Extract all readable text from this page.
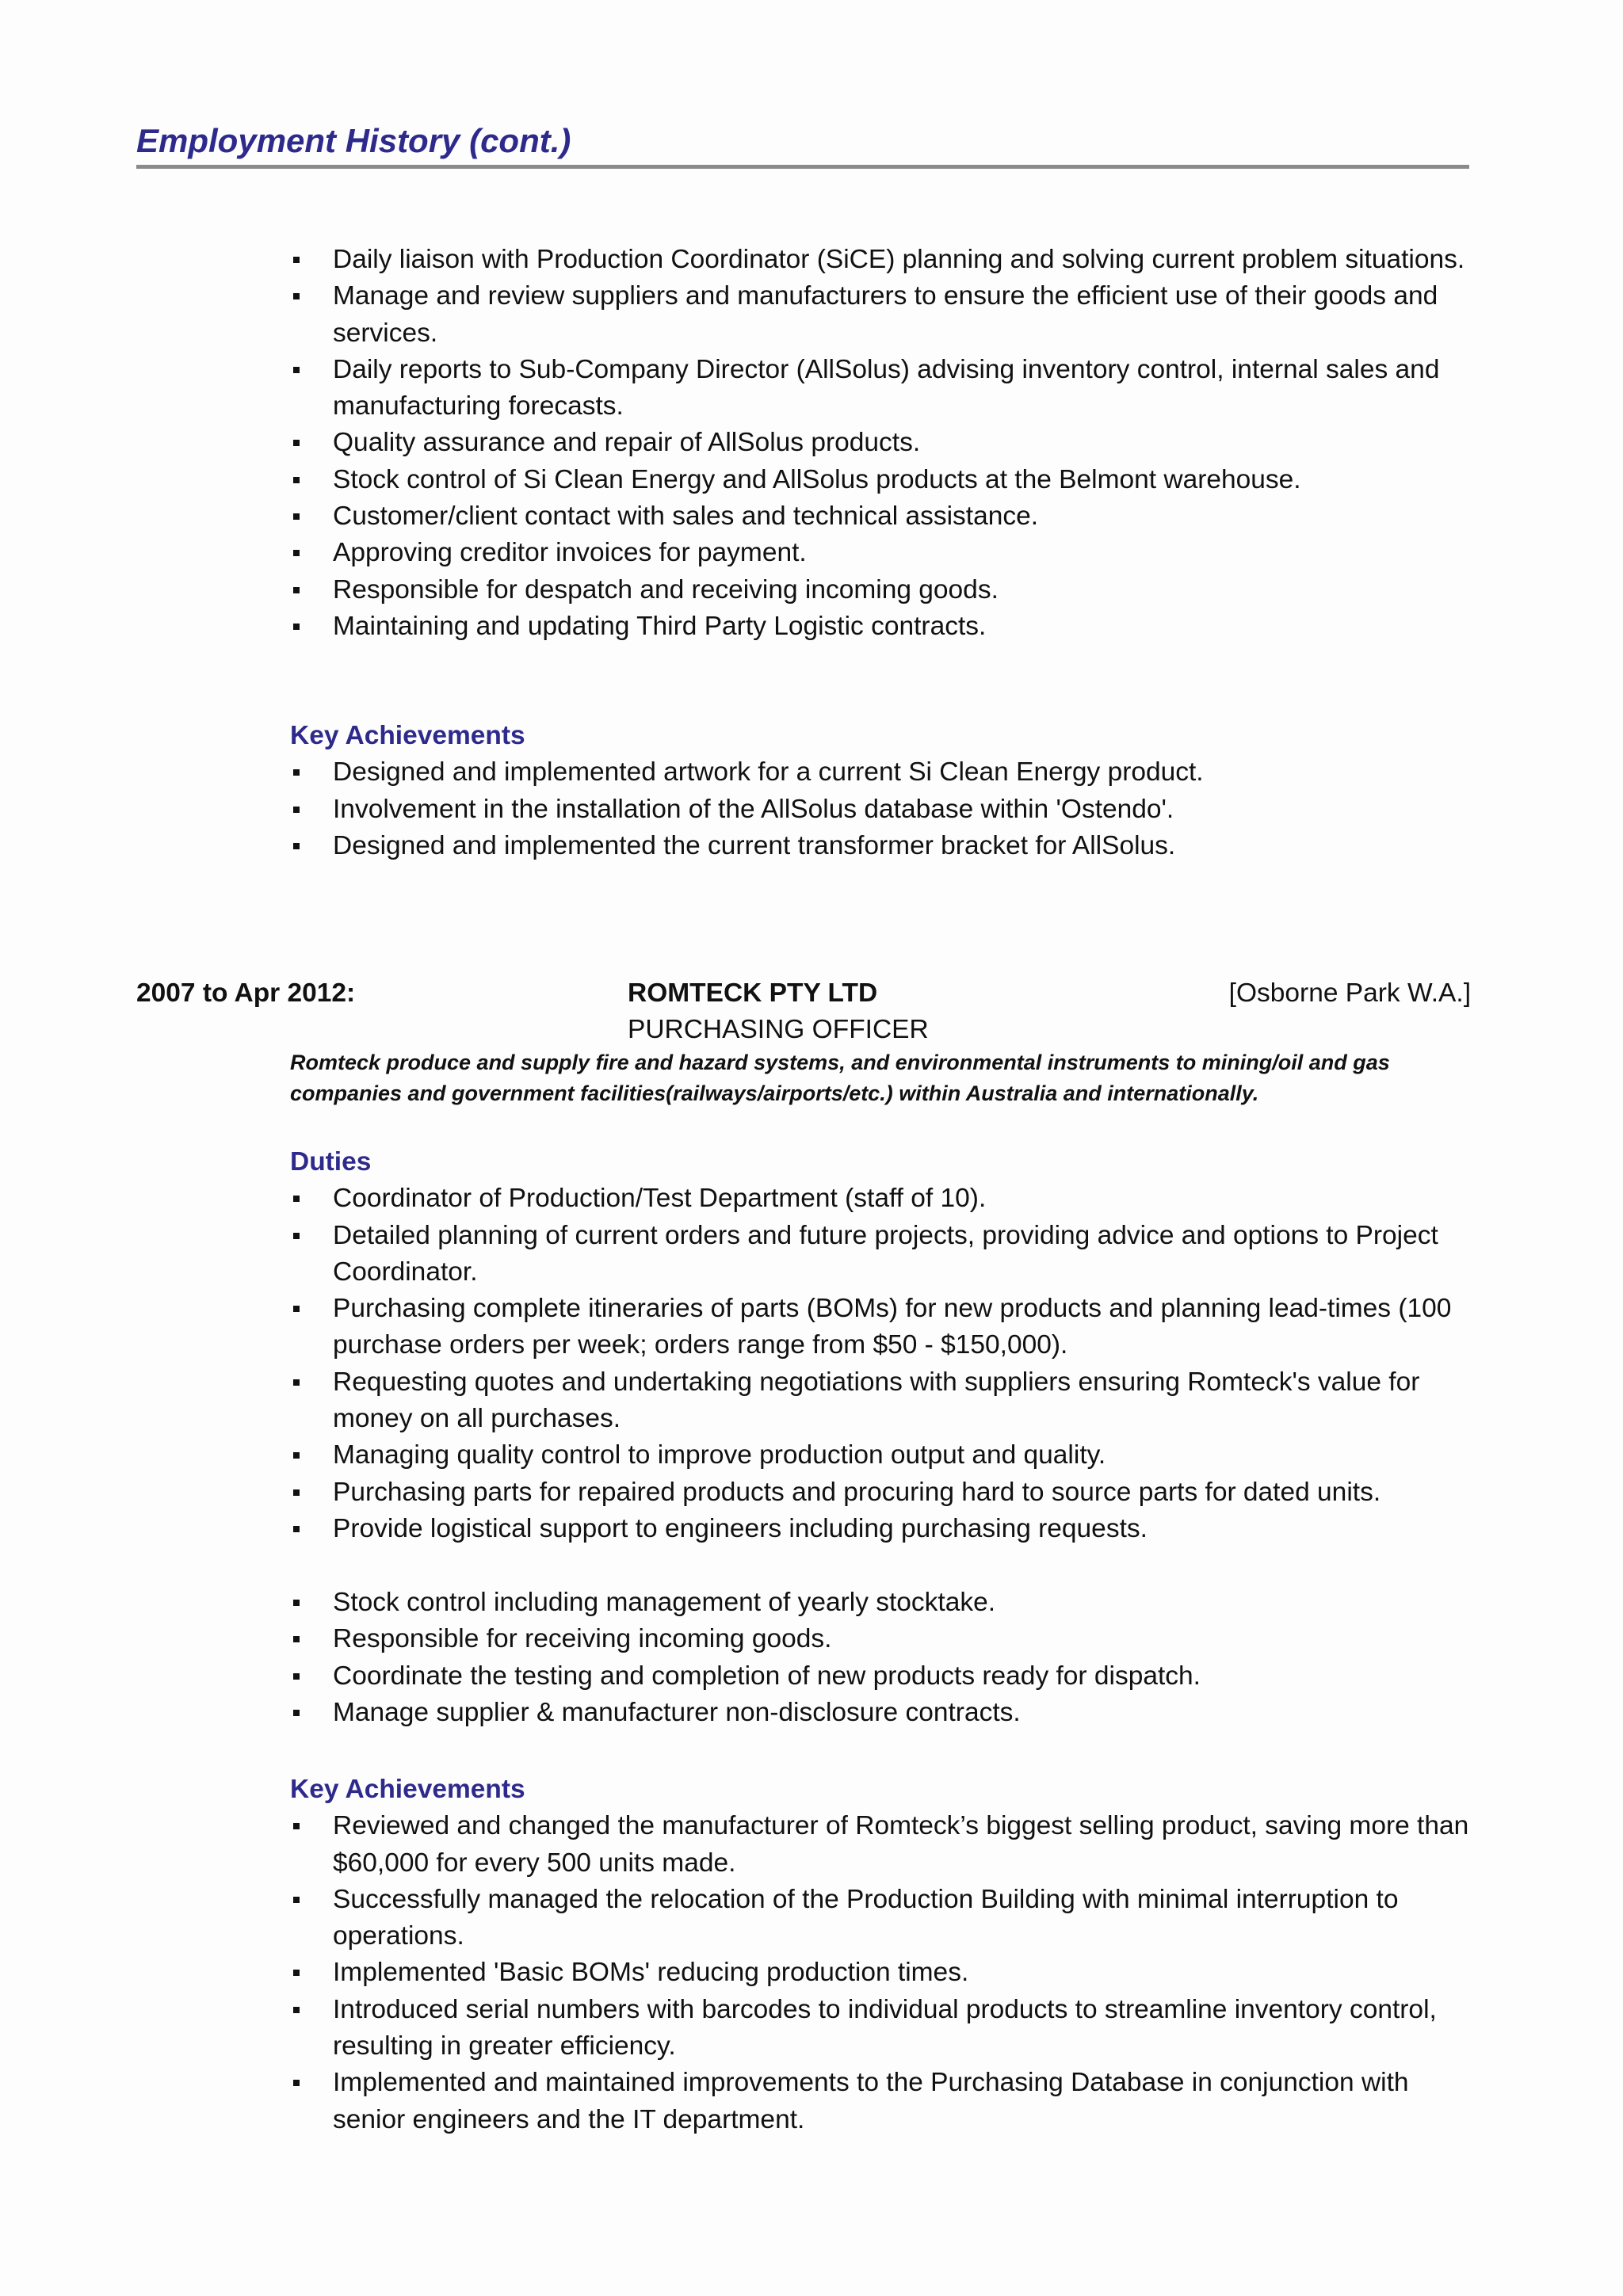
Employment History (cont.)
Daily liaison with Production Coordinator (SiCE) planning and solving current problem situations.
Manage and review suppliers and manufacturers to ensure the efficient use of their goods and services.
Daily reports to Sub-Company Director (AllSolus) advising inventory control, internal sales and manufacturing forecasts.
Quality assurance and repair of AllSolus products.
Stock control of Si Clean Energy and AllSolus products at the Belmont warehouse.
Customer/client contact with sales and technical assistance.
Approving creditor invoices for payment.
Responsible for despatch and receiving incoming goods.
Maintaining and updating Third Party Logistic contracts.

Key Achievements

Designed and implemented artwork for a current Si Clean Energy product.
Involvement in the installation of the AllSolus database within 'Ostendo'.
Designed and implemented the current transformer bracket for AllSolus.
2007 to Apr 2012:	ROMTECK PTY LTD
PURCHASING OFFICER
[Osborne Park W.A.]
Romteck produce and supply fire and hazard systems, and environmental instruments to mining/oil and gas companies and government facilities(railways/airports/etc.) within Australia and internationally.

Duties

Coordinator of Production/Test Department (staff of 10).
Detailed planning of current orders and future projects, providing advice and options to Project Coordinator.
Purchasing complete itineraries of parts (BOMs) for new products and planning lead-times (100 purchase orders per week; orders range from $50 - $150,000).
Requesting quotes and undertaking negotiations with suppliers ensuring Romteck's value for money on all purchases.
Managing quality control to improve production output and quality.
Purchasing parts for repaired products and procuring hard to source parts for dated units.
Provide logistical support to engineers including purchasing requests.
Stock control including management of yearly stocktake.
Responsible for receiving incoming goods.
Coordinate the testing and completion of new products ready for dispatch.
Manage supplier & manufacturer non-disclosure contracts.

Key Achievements

Reviewed and changed the manufacturer of Romteck’s biggest selling product, saving more than $60,000 for every 500 units made.
Successfully managed the relocation of the Production Building with minimal interruption to operations.
Implemented 'Basic BOMs' reducing production times.
Introduced serial numbers with barcodes to individual products to streamline inventory control, resulting in greater efficiency.
Implemented and maintained improvements to the Purchasing Database in conjunction with senior engineers and the IT department.
